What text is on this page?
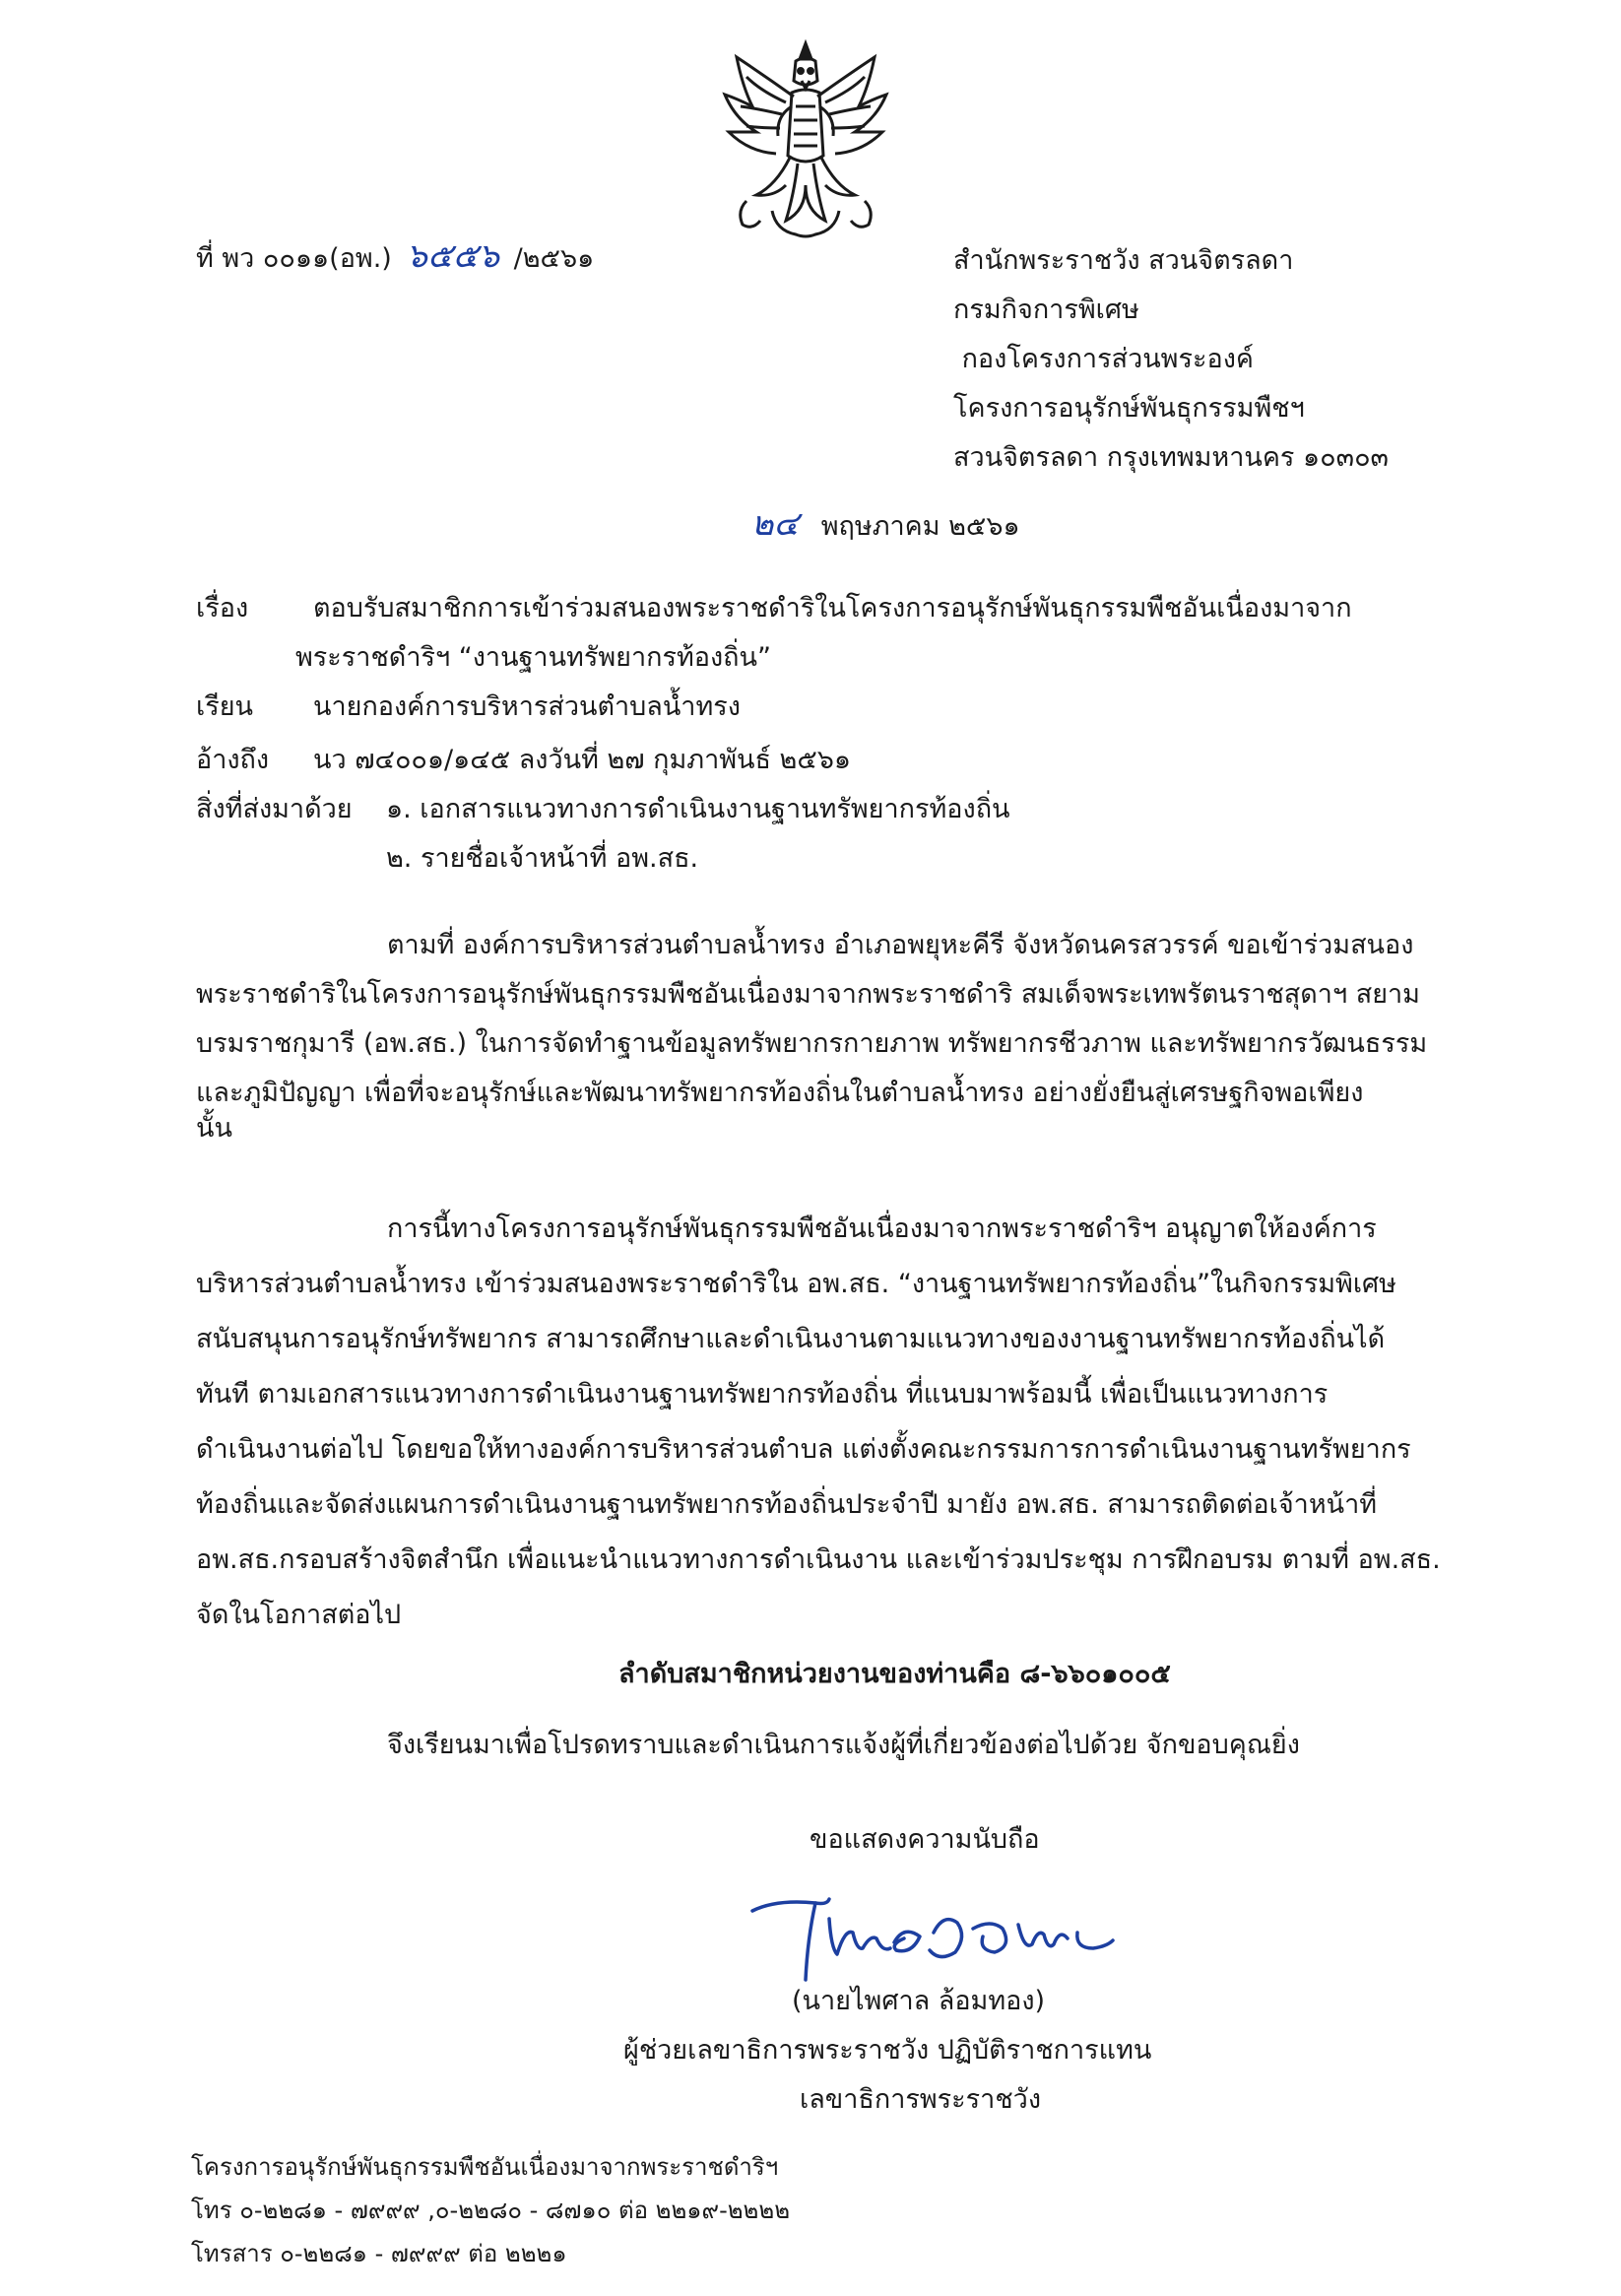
ที่ พว ๐๐๑๑(อพ.) ๖๕๕๖ /๒๕๖๑	สำนักพระราชวัง สวนจิตรลดา
กรมกิจการพิเศษ
กองโครงการส่วนพระองค์
โครงการอนุรักษ์พันธุกรรมพืชฯ
สวนจิตรลดา กรุงเทพมหานคร ๑๐๓๐๓
๒๔ พฤษภาคม ๒๕๖๑
เรื่อง ตอบรับสมาชิกการเข้าร่วมสนองพระราชดำริในโครงการอนุรักษ์พันธุกรรมพืชอันเนื่องมาจาก
พระราชดำริฯ “งานฐานทรัพยากรท้องถิ่น”
เรียน นายกองค์การบริหารส่วนตำบลน้ำทรง
อ้างถึง นว ๗๔๐๐๑/๑๔๕ ลงวันที่ ๒๗ กุมภาพันธ์ ๒๕๖๑
สิ่งที่ส่งมาด้วย ๑. เอกสารแนวทางการดำเนินงานฐานทรัพยากรท้องถิ่น
๒. รายชื่อเจ้าหน้าที่ อพ.สธ.
ตามที่ องค์การบริหารส่วนตำบลน้ำทรง อำเภอพยุหะคีรี จังหวัดนครสวรรค์ ขอเข้าร่วมสนอง
พระราชดำริในโครงการอนุรักษ์พันธุกรรมพืชอันเนื่องมาจากพระราชดำริ สมเด็จพระเทพรัตนราชสุดาฯ สยาม
บรมราชกุมารี (อพ.สธ.) ในการจัดทำฐานข้อมูลทรัพยากรกายภาพ ทรัพยากรชีวภาพ และทรัพยากรวัฒนธรรม
และภูมิปัญญา เพื่อที่จะอนุรักษ์และพัฒนาทรัพยากรท้องถิ่นในตำบลน้ำทรง อย่างยั่งยืนสู่เศรษฐกิจพอเพียง
นั้น
การนี้ทางโครงการอนุรักษ์พันธุกรรมพืชอันเนื่องมาจากพระราชดำริฯ อนุญาตให้องค์การ
บริหารส่วนตำบลน้ำทรง เข้าร่วมสนองพระราชดำริใน อพ.สธ. “งานฐานทรัพยากรท้องถิ่น”ในกิจกรรมพิเศษ
สนับสนุนการอนุรักษ์ทรัพยากร สามารถศึกษาและดำเนินงานตามแนวทางของงานฐานทรัพยากรท้องถิ่นได้
ทันที ตามเอกสารแนวทางการดำเนินงานฐานทรัพยากรท้องถิ่น ที่แนบมาพร้อมนี้ เพื่อเป็นแนวทางการ
ดำเนินงานต่อไป โดยขอให้ทางองค์การบริหารส่วนตำบล แต่งตั้งคณะกรรมการการดำเนินงานฐานทรัพยากร
ท้องถิ่นและจัดส่งแผนการดำเนินงานฐานทรัพยากรท้องถิ่นประจำปี มายัง อพ.สธ. สามารถติดต่อเจ้าหน้าที่
อพ.สธ.กรอบสร้างจิตสำนึก เพื่อแนะนำแนวทางการดำเนินงาน และเข้าร่วมประชุม การฝึกอบรม ตามที่ อพ.สธ.
จัดในโอกาสต่อไป
ลำดับสมาชิกหน่วยงานของท่านคือ ๘-๖๖๐๑๐๐๕
จึงเรียนมาเพื่อโปรดทราบและดำเนินการแจ้งผู้ที่เกี่ยวข้องต่อไปด้วย จักขอบคุณยิ่ง
ขอแสดงความนับถือ
(นายไพศาล ล้อมทอง)
ผู้ช่วยเลขาธิการพระราชวัง ปฏิบัติราชการแทน
เลขาธิการพระราชวัง
โครงการอนุรักษ์พันธุกรรมพืชอันเนื่องมาจากพระราชดำริฯ
โทร ๐-๒๒๘๑ - ๗๙๙๙ ,๐-๒๒๘๐ - ๘๗๑๐ ต่อ ๒๒๑๙-๒๒๒๒
โทรสาร ๐-๒๒๘๑ - ๗๙๙๙ ต่อ ๒๒๒๑
